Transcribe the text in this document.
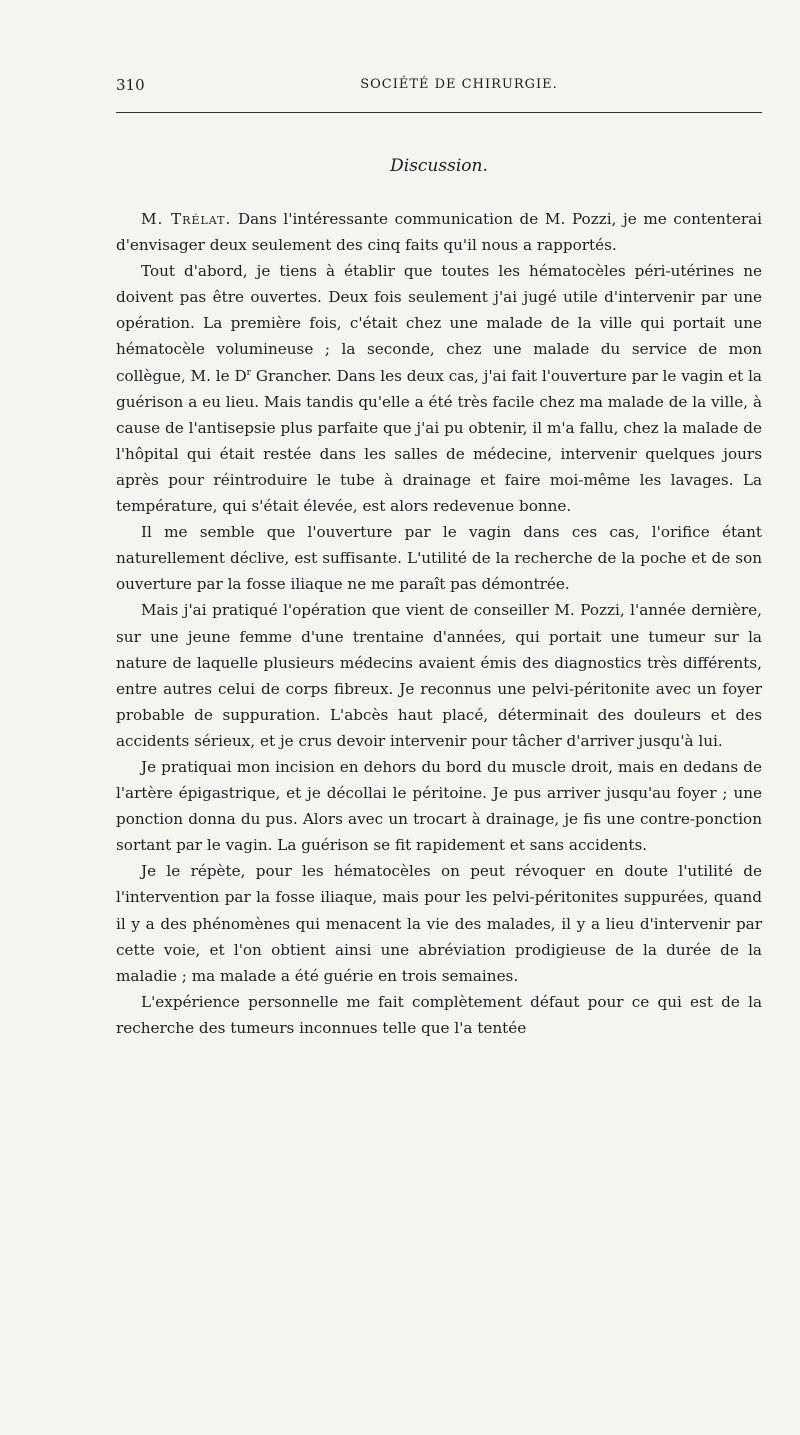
310	SOCIÉTÉ DE CHIRURGIE.
Discussion.

M. Trélat. Dans l'intéressante communication de M. Pozzi, je me contenterai d'envisager deux seulement des cinq faits qu'il nous a rapportés.

Tout d'abord, je tiens à établir que toutes les hématocèles péri-utérines ne doivent pas être ouvertes. Deux fois seulement j'ai jugé utile d'intervenir par une opération. La première fois, c'était chez une malade de la ville qui portait une hématocèle volumineuse ; la seconde, chez une malade du service de mon collègue, M. le $D^r$ Grancher. Dans les deux cas, j'ai fait l'ouverture par le vagin et la guérison a eu lieu. Mais tandis qu'elle a été très facile chez ma malade de la ville, à cause de l'antisepsie plus parfaite que j'ai pu obtenir, il m'a fallu, chez la malade de l'hôpital qui était restée dans les salles de médecine, intervenir quelques jours après pour réintroduire le tube à drainage et faire moi-même les lavages. La température, qui s'était élevée, est alors redevenue bonne.

Il me semble que l'ouverture par le vagin dans ces cas, l'orifice étant naturellement déclive, est suffisante. L'utilité de la recherche de la poche et de son ouverture par la fosse iliaque ne me paraît pas démontrée.

Mais j'ai pratiqué l'opération que vient de conseiller M. Pozzi, l'année dernière, sur une jeune femme d'une trentaine d'années, qui portait une tumeur sur la nature de laquelle plusieurs médecins avaient émis des diagnostics très différents, entre autres celui de corps fibreux. Je reconnus une pelvi-péritonite avec un foyer probable de suppuration. L'abcès haut placé, déterminait des douleurs et des accidents sérieux, et je crus devoir intervenir pour tâcher d'arriver jusqu'à lui.

Je pratiquai mon incision en dehors du bord du muscle droit, mais en dedans de l'artère épigastrique, et je décollai le péritoine. Je pus arriver jusqu'au foyer ; une ponction donna du pus. Alors avec un trocart à drainage, je fis une contre-ponction sortant par le vagin. La guérison se fit rapidement et sans accidents.

Je le répète, pour les hématocèles on peut révoquer en doute l'utilité de l'intervention par la fosse iliaque, mais pour les pelvi-péritonites suppurées, quand il y a des phénomènes qui menacent la vie des malades, il y a lieu d'intervenir par cette voie, et l'on obtient ainsi une abréviation prodigieuse de la durée de la maladie ; ma malade a été guérie en trois semaines.

L'expérience personnelle me fait complètement défaut pour ce qui est de la recherche des tumeurs inconnues telle que l'a tentée
